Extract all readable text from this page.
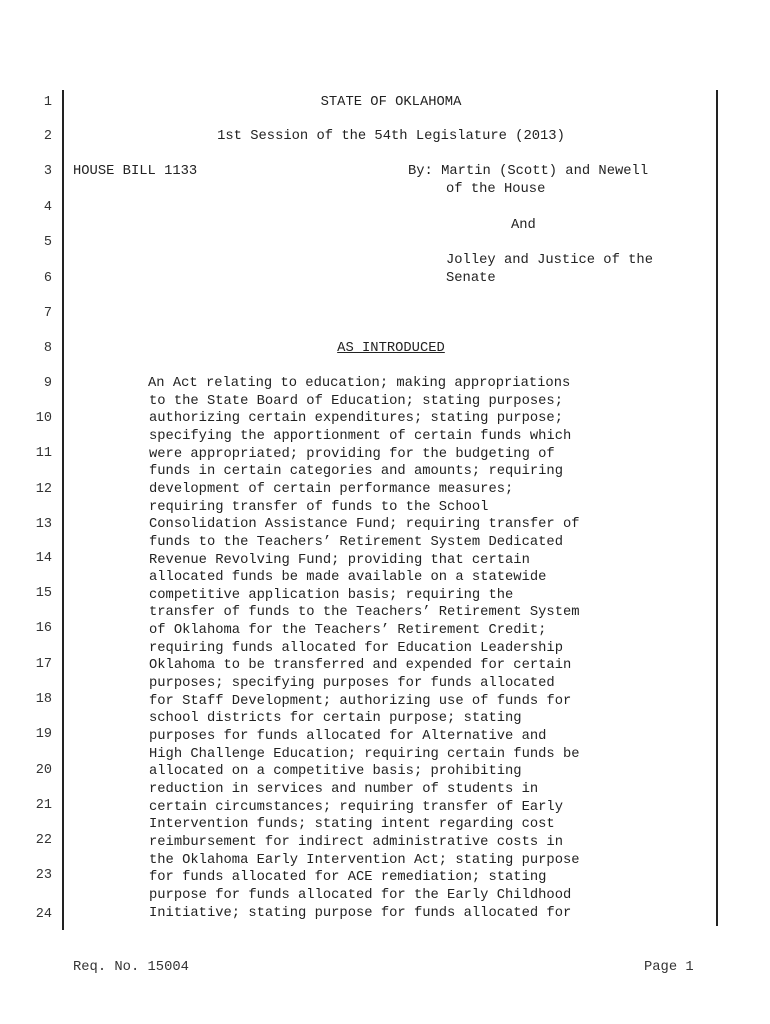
1
2
3
4
5
6
7
8
9
10
11
12
13
14
15
16
17
18
19
20
21
22
23
24
STATE OF OKLAHOMA
1st Session of the 54th Legislature (2013)
HOUSE BILL 1133	By: Martin (Scott) and Newell
of the House
And
Jolley and Justice of the
Senate
AS INTRODUCED
An Act relating to education; making appropriations
to the State Board of Education; stating purposes;
authorizing certain expenditures; stating purpose;
specifying the apportionment of certain funds which
were appropriated; providing for the budgeting of
funds in certain categories and amounts; requiring
development of certain performance measures;
requiring transfer of funds to the School
Consolidation Assistance Fund; requiring transfer of
funds to the Teachers’ Retirement System Dedicated
Revenue Revolving Fund; providing that certain
allocated funds be made available on a statewide
competitive application basis; requiring the
transfer of funds to the Teachers’ Retirement System
of Oklahoma for the Teachers’ Retirement Credit;
requiring funds allocated for Education Leadership
Oklahoma to be transferred and expended for certain
purposes; specifying purposes for funds allocated
for Staff Development; authorizing use of funds for
school districts for certain purpose; stating
purposes for funds allocated for Alternative and
High Challenge Education; requiring certain funds be
allocated on a competitive basis; prohibiting
reduction in services and number of students in
certain circumstances; requiring transfer of Early
Intervention funds; stating intent regarding cost
reimbursement for indirect administrative costs in
the Oklahoma Early Intervention Act; stating purpose
for funds allocated for ACE remediation; stating
purpose for funds allocated for the Early Childhood
Initiative; stating purpose for funds allocated for
Req. No. 15004	Page 1
